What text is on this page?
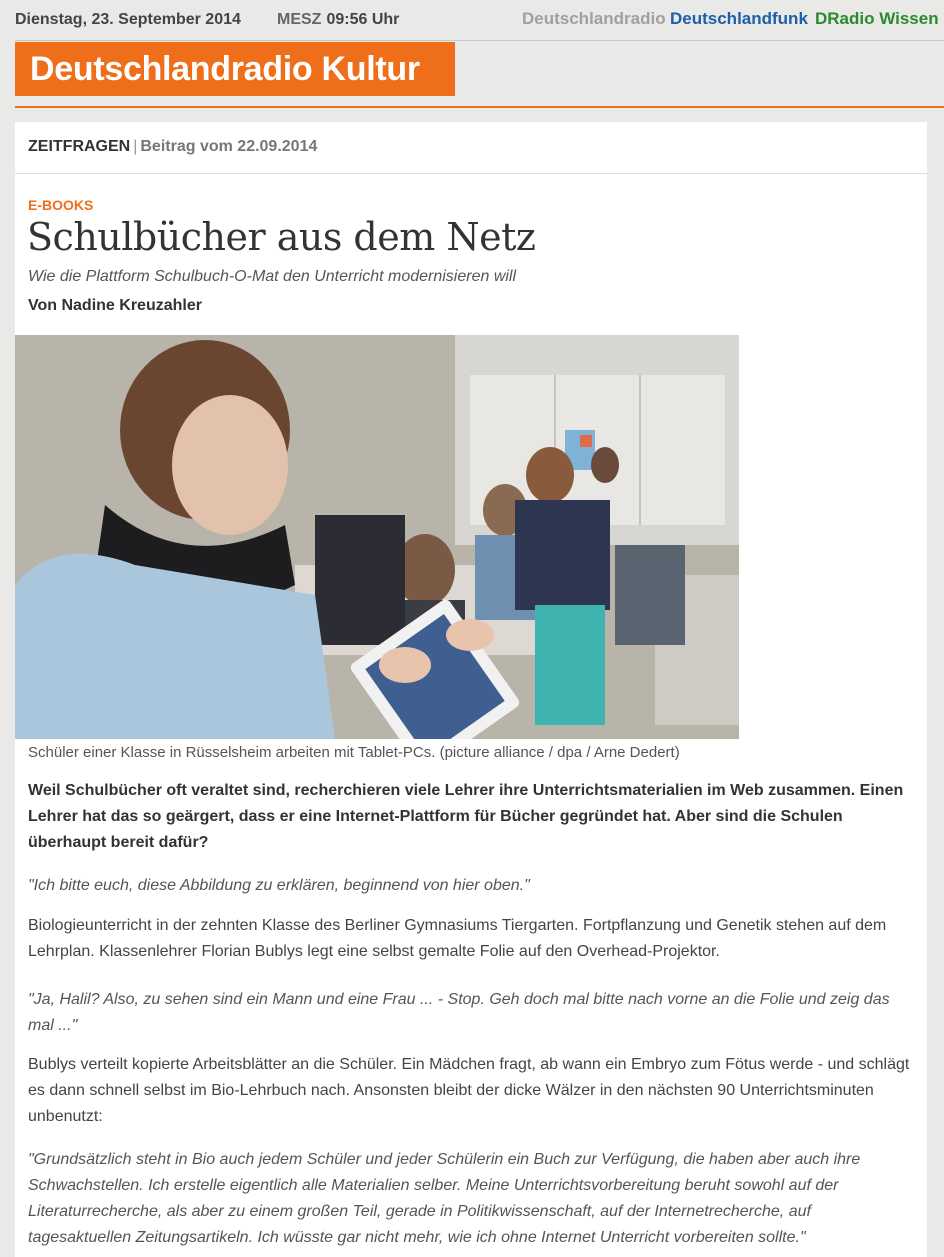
Dienstag, 23. September 2014 MESZ 09:56 Uhr	Deutschlandradio Deutschlandfunk DRadio Wissen
Deutschlandradio Kultur
ZEITFRAGEN | Beitrag vom 22.09.2014
E-BOOKS
Schulbücher aus dem Netz
Wie die Plattform Schulbuch-O-Mat den Unterricht modernisieren will
Von Nadine Kreuzahler
Schüler einer Klasse in Rüsselsheim arbeiten mit Tablet-PCs. (picture alliance / dpa / Arne Dedert)

Weil Schulbücher oft veraltet sind, recherchieren viele Lehrer ihre Unterrichtsmaterialien im Web zusammen. Einen Lehrer hat das so geärgert, dass er eine Internet-Plattform für Bücher gegründet hat. Aber sind die Schulen überhaupt bereit dafür?

"Ich bitte euch, diese Abbildung zu erklären, beginnend von hier oben."

Biologieunterricht in der zehnten Klasse des Berliner Gymnasiums Tiergarten. Fortpflanzung und Genetik stehen auf dem Lehrplan. Klassenlehrer Florian Bublys legt eine selbst gemalte Folie auf den Overhead-Projektor.

"Ja, Halil? Also, zu sehen sind ein Mann und eine Frau ... - Stop. Geh doch mal bitte nach vorne an die Folie und zeig das mal ..."

Bublys verteilt kopierte Arbeitsblätter an die Schüler. Ein Mädchen fragt, ab wann ein Embryo zum Fötus werde - und schlägt es dann schnell selbst im Bio-Lehrbuch nach. Ansonsten bleibt der dicke Wälzer in den nächsten 90 Unterrichtsminuten unbenutzt:

"Grundsätzlich steht in Bio auch jedem Schüler und jeder Schülerin ein Buch zur Verfügung, die haben aber auch ihre Schwachstellen. Ich erstelle eigentlich alle Materialien selber. Meine Unterrichtsvorbereitung beruht sowohl auf der Literaturrecherche, als aber zu einem großen Teil, gerade in Politikwissenschaft, auf der Internetrecherche, auf tagesaktuellen Zeitungsartikeln. Ich wüsste gar nicht mehr, wie ich ohne Internet Unterricht vorbereiten sollte."
